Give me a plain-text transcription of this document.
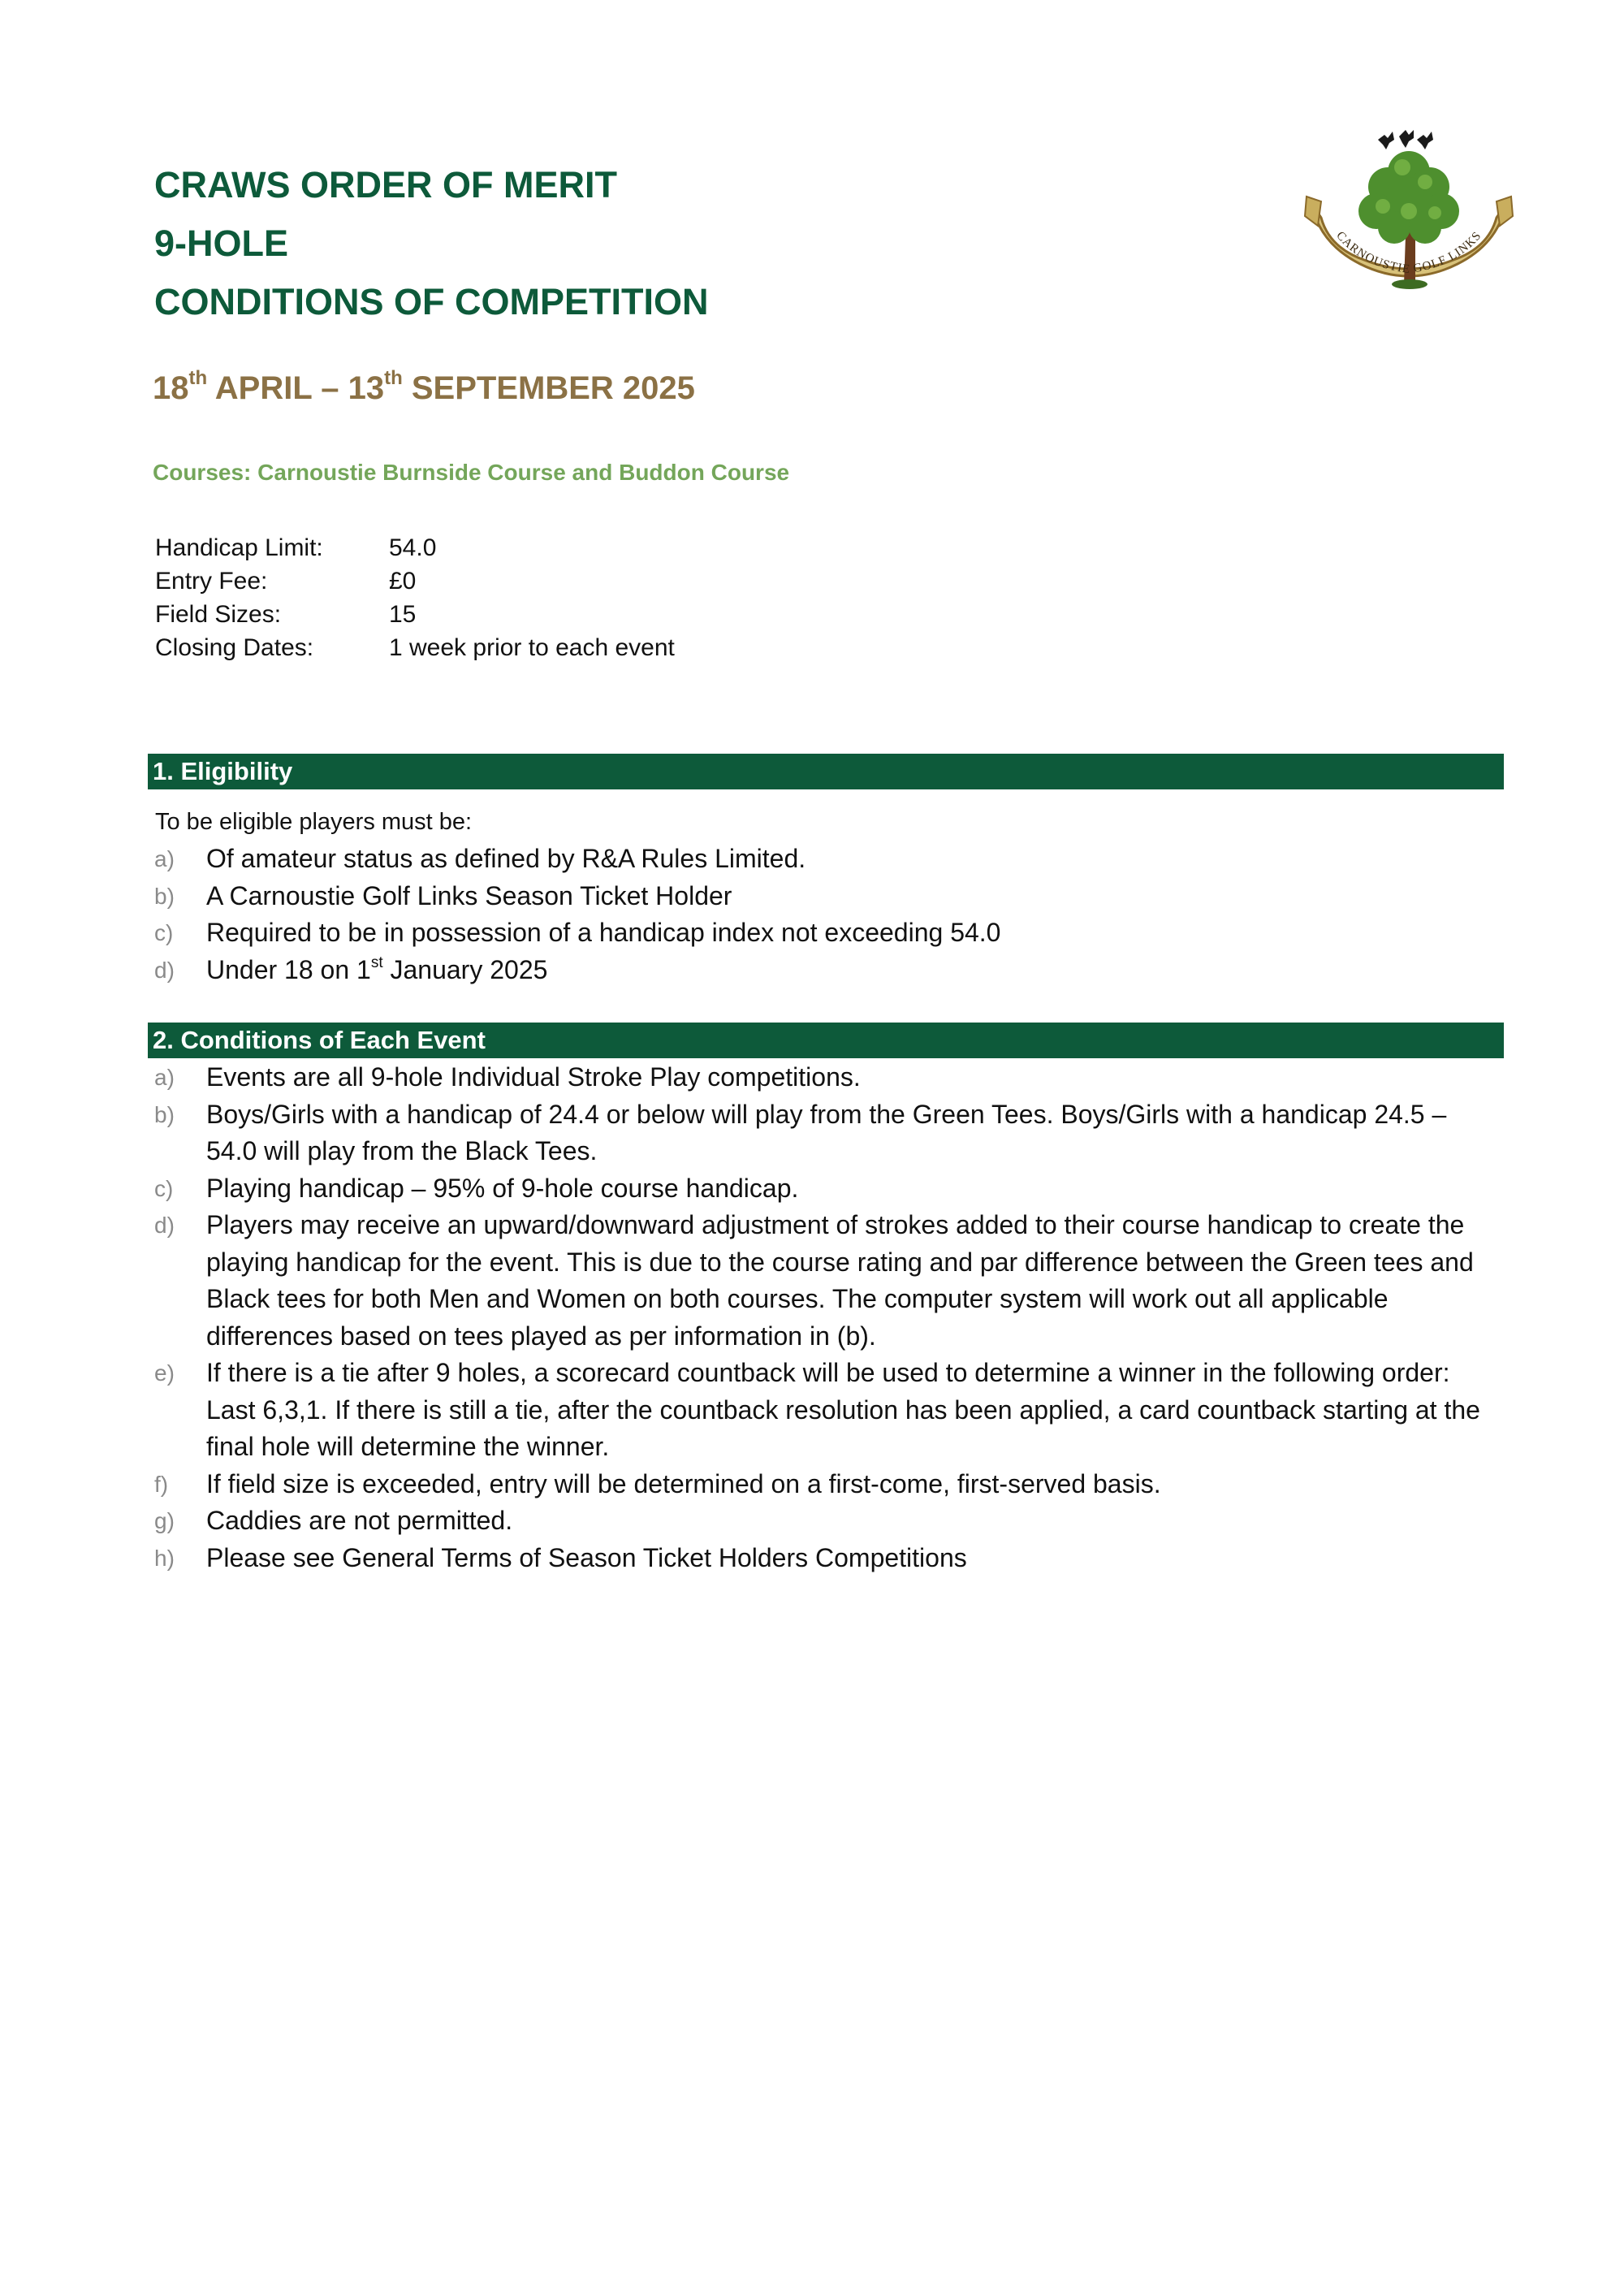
CRAWS ORDER OF MERIT
9-HOLE
CONDITIONS OF COMPETITION
CARNOUSTIE GOLF LINKS
18th APRIL – 13th SEPTEMBER 2025
Courses: Carnoustie Burnside Course and Buddon Course
Handicap Limit:	54.0
Entry Fee:	£0
Field Sizes:	15
Closing Dates:	1 week prior to each event
1. Eligibility
To be eligible players must be:
a)	Of amateur status as defined by R&A Rules Limited.
b)	A Carnoustie Golf Links Season Ticket Holder
c)	Required to be in possession of a handicap index not exceeding 54.0
d)	Under 18 on 1st January 2025
2. Conditions of Each Event
a)	Events are all 9-hole Individual Stroke Play competitions.
b)	Boys/Girls with a handicap of 24.4 or below will play from the Green Tees. Boys/Girls with a handicap 24.5 – 54.0 will play from the Black Tees.
c)	Playing handicap – 95% of 9-hole course handicap.
d)	Players may receive an upward/downward adjustment of strokes added to their course handicap to create the playing handicap for the event. This is due to the course rating and par difference between the Green tees and Black tees for both Men and Women on both courses. The computer system will work out all applicable differences based on tees played as per information in (b).
e)	If there is a tie after 9 holes, a scorecard countback will be used to determine a winner in the following order: Last 6,3,1. If there is still a tie, after the countback resolution has been applied, a card countback starting at the final hole will determine the winner.
f)	If field size is exceeded, entry will be determined on a first-come, first-served basis.
g)	Caddies are not permitted.
h)	Please see General Terms of Season Ticket Holders Competitions
